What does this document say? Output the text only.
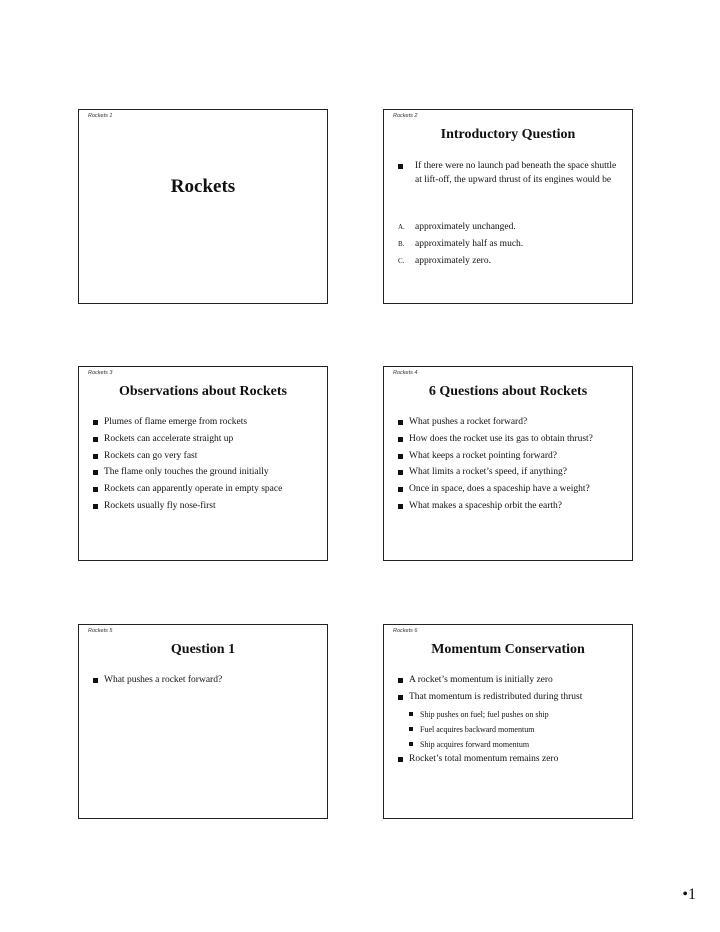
Rockets 1
Rockets
Rockets 2
Introductory Question
If there were no launch pad beneath the space shuttle at lift-off, the upward thrust of its engines would be
A. approximately unchanged.
B. approximately half as much.
C. approximately zero.
Rockets 3
Observations about Rockets
Plumes of flame emerge from rockets
Rockets can accelerate straight up
Rockets can go very fast
The flame only touches the ground initially
Rockets can apparently operate in empty space
Rockets usually fly nose-first
Rockets 4
6 Questions about Rockets
What pushes a rocket forward?
How does the rocket use its gas to obtain thrust?
What keeps a rocket pointing forward?
What limits a rocket’s speed, if anything?
Once in space, does a spaceship have a weight?
What makes a spaceship orbit the earth?
Rockets 5
Question 1
What pushes a rocket forward?
Rockets 6
Momentum Conservation
A rocket’s momentum is initially zero
That momentum is redistributed during thrust
Ship pushes on fuel; fuel pushes on ship
Fuel acquires backward momentum
Ship acquires forward momentum
Rocket’s total momentum remains zero
•1
